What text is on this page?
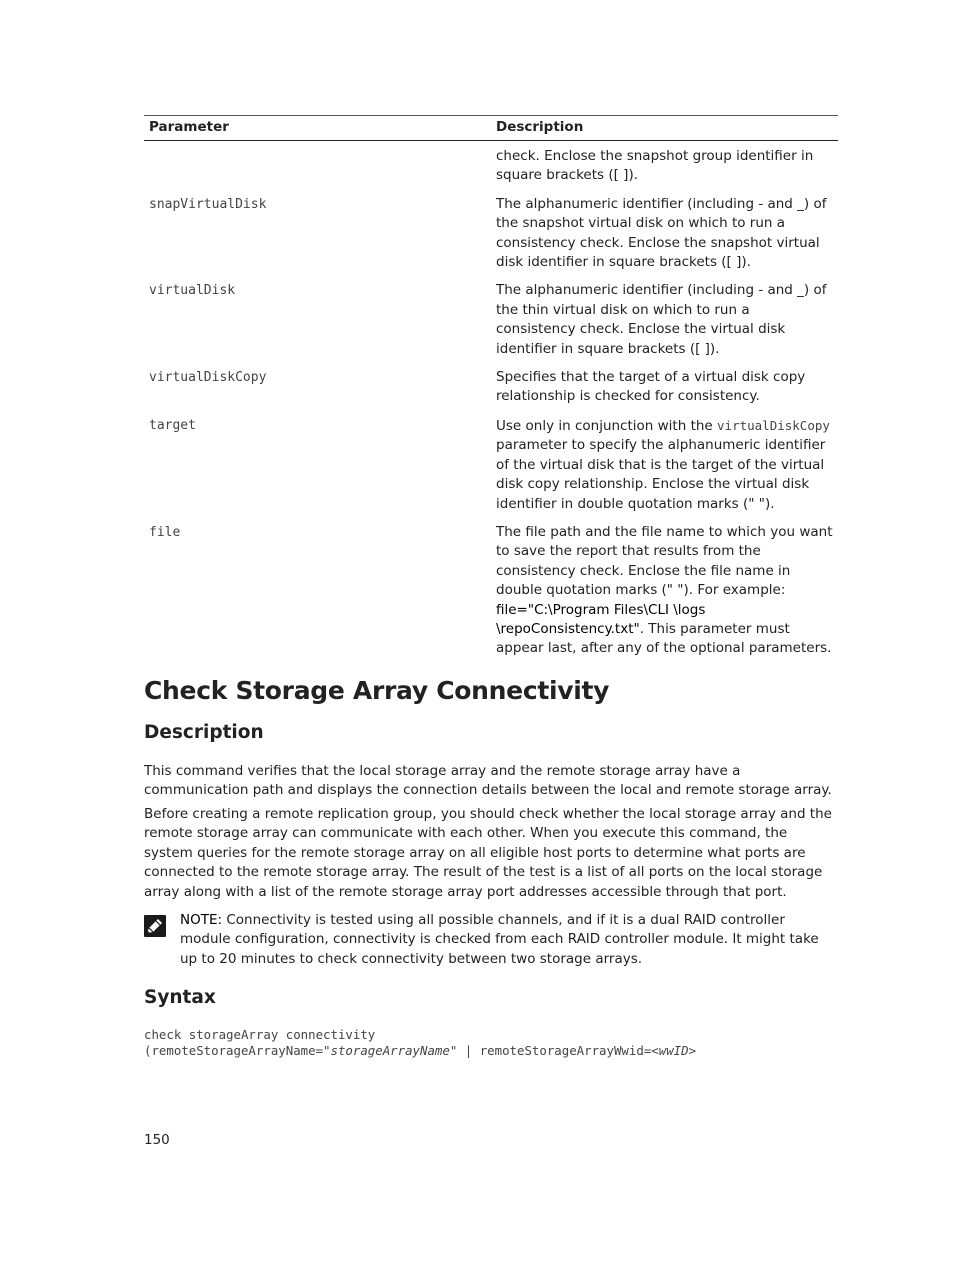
Parameter	Description
	check. Enclose the snapshot group identifier in square brackets ([ ]).
snapVirtualDisk	The alphanumeric identifier (including - and _) of the snapshot virtual disk on which to run a consistency check. Enclose the snapshot virtual disk identifier in square brackets ([ ]).
virtualDisk	The alphanumeric identifier (including - and _) of the thin virtual disk on which to run a consistency check. Enclose the virtual disk identifier in square brackets ([ ]).
virtualDiskCopy	Specifies that the target of a virtual disk copy relationship is checked for consistency.
target	Use only in conjunction with the virtualDiskCopy parameter to specify the alphanumeric identifier of the virtual disk that is the target of the virtual disk copy relationship. Enclose the virtual disk identifier in double quotation marks (" ").
file	The file path and the file name to which you want to save the report that results from the consistency check. Enclose the file name in double quotation marks (" "). For example: file="C:\Program Files\CLI \logs \repoConsistency.txt". This parameter must appear last, after any of the optional parameters.
Check Storage Array Connectivity
Description

This command verifies that the local storage array and the remote storage array have a communication path and displays the connection details between the local and remote storage array.

Before creating a remote replication group, you should check whether the local storage array and the remote storage array can communicate with each other. When you execute this command, the system queries for the remote storage array on all eligible host ports to determine what ports are connected to the remote storage array. The result of the test is a list of all ports on the local storage array along with a list of the remote storage array port addresses accessible through that port.

NOTE: Connectivity is tested using all possible channels, and if it is a dual RAID controller module configuration, connectivity is checked from each RAID controller module. It might take up to 20 minutes to check connectivity between two storage arrays.
Syntax
check storageArray connectivity
(remoteStorageArrayName="storageArrayName" | remoteStorageArrayWwid=<wwID>
150
